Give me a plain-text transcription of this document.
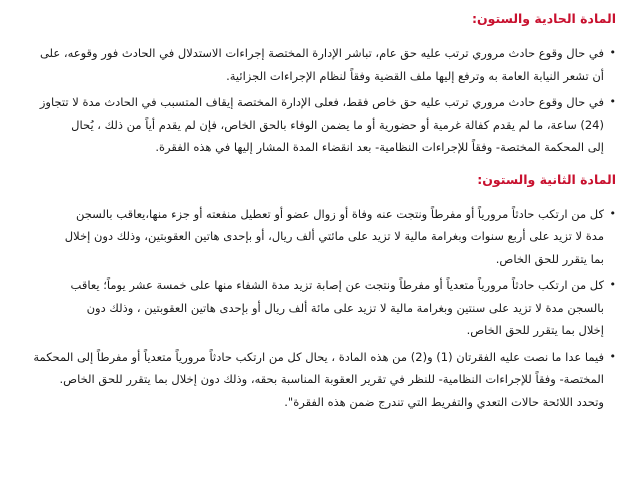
المادة الحادية والستون:
•
في حال وقوع حادث مروري ترتب عليه حق عام، تباشر الإدارة المختصة إجراءات الاستدلال في الحادث فور وقوعه، على
أن تشعر النيابة العامة به وترفع إليها ملف القضية وفقاً لنظام الإجراءات الجزائية.
•
في حال وقوع حادث مروري ترتب عليه حق خاص فقط، فعلى الإدارة المختصة إيقاف المتسبب في الحادث مدة لا تتجاوز
(24) ساعة، ما لم يقدم كفالة غرمية أو حضورية أو ما يضمن الوفاء بالحق الخاص، فإن لم يقدم أياً من ذلك ، يُحال
إلى المحكمة المختصة- وفقاً للإجراءات النظامية- بعد انقضاء المدة المشار إليها في هذه الفقرة.
المادة الثانية والستون:
•
كل من ارتكب حادثاً مرورياً أو مفرطاً ونتجت عنه وفاة أو زوال عضو أو تعطيل منفعته أو جزء منها،يعاقب بالسجن
مدة لا تزيد على أربع سنوات وبغرامة مالية لا تزيد على مائتي ألف ريال، أو بإحدى هاتين العقوبتين، وذلك دون إخلال
بما يتقرر للحق الخاص.
•
كل من ارتكب حادثاً مرورياً متعدياً أو مفرطاً ونتجت عن إصابة تزيد مدة الشفاء منها على خمسة عشر يوماً؛ يعاقب
بالسجن مدة لا تزيد على سنتين وبغرامة مالية لا تزيد على مائة ألف ريال أو بإحدى هاتين العقوبتين ، وذلك دون
إخلال بما يتقرر للحق الخاص.
•
فيما عدا ما نصت عليه الفقرتان (1) و(2) من هذه المادة ، يحال كل من ارتكب حادثاً مرورياً متعدياً أو مفرطاً إلى المحكمة
المختصة- وفقاً للإجراءات النظامية- للنظر في تقرير العقوبة المناسبة بحقه، وذلك دون إخلال بما يتقرر للحق الخاص.
وتحدد اللائحة حالات التعدي والتفريط التي تندرج ضمن هذه الفقرة".
